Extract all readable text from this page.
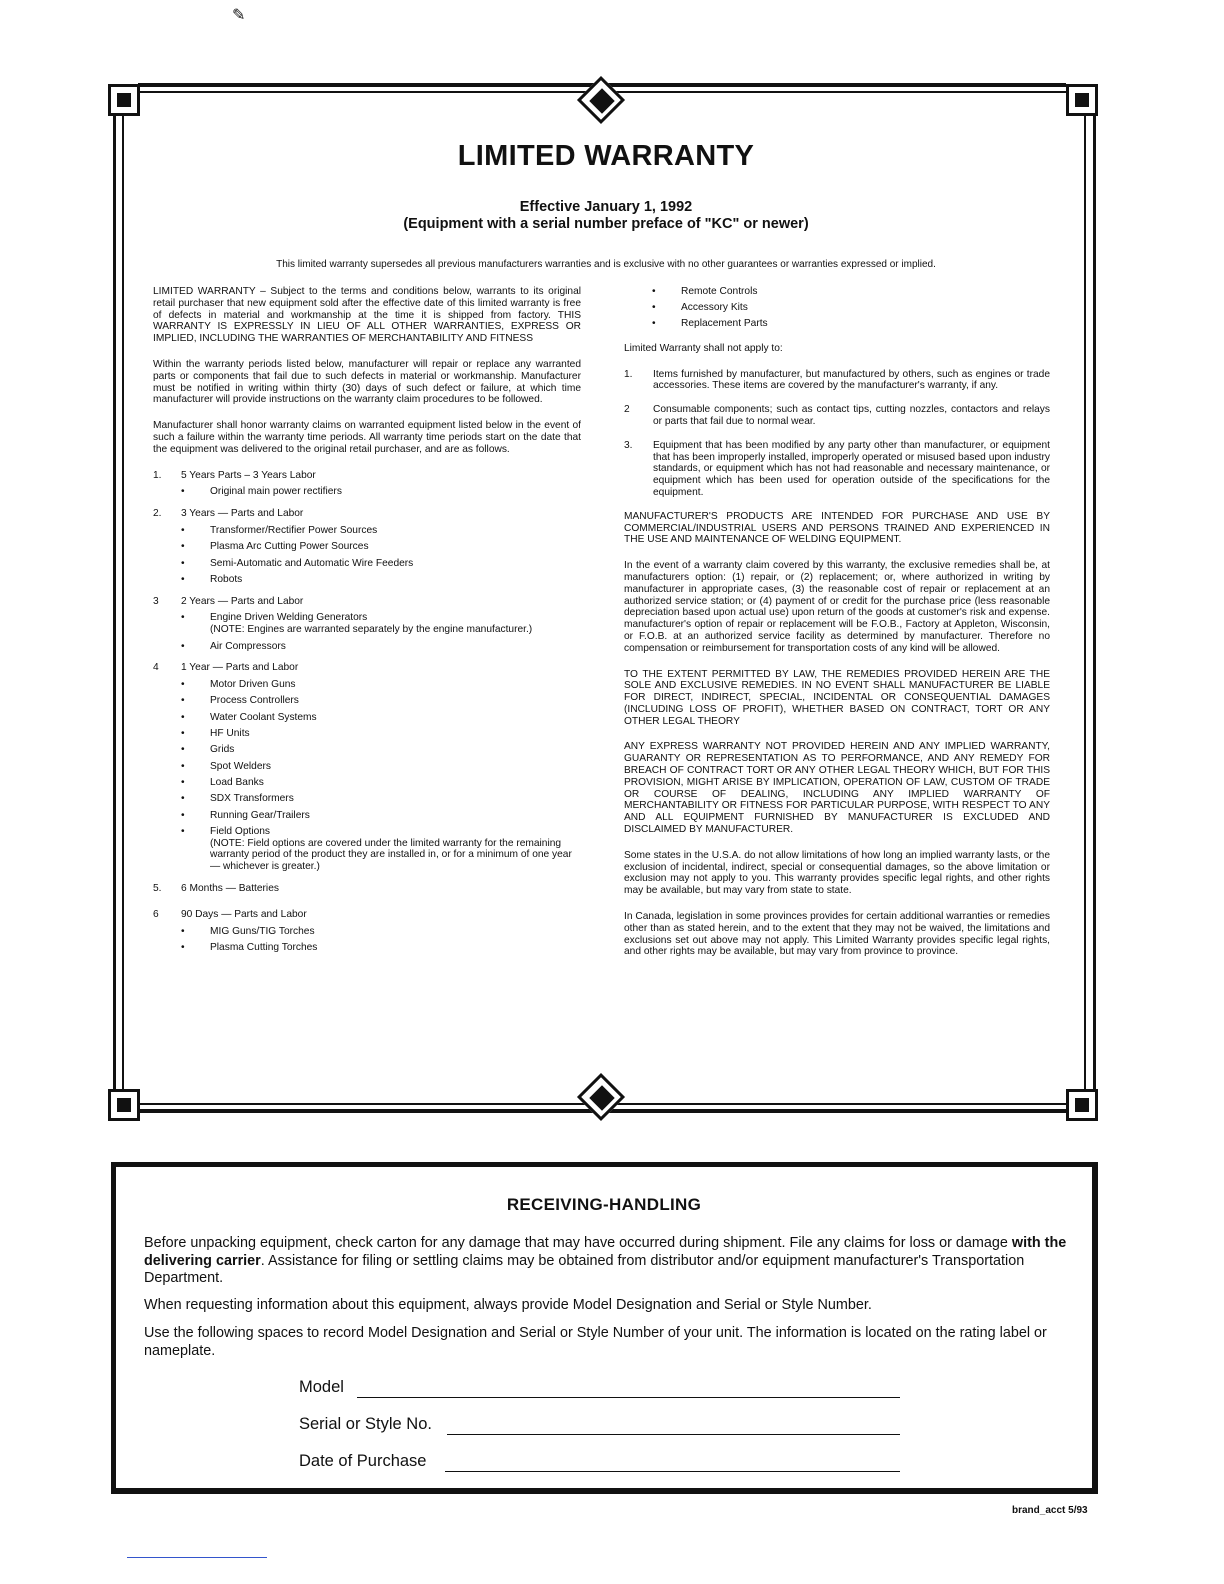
✎
LIMITED WARRANTY
Effective January 1, 1992
(Equipment with a serial number preface of "KC" or newer)
This limited warranty supersedes all previous manufacturers warranties and is exclusive with no other guarantees or warranties expressed or implied.

LIMITED WARRANTY – Subject to the terms and conditions below, warrants to its original retail purchaser that new equipment sold after the effective date of this limited warranty is free of defects in material and workmanship at the time it is shipped from factory. THIS WARRANTY IS EXPRESSLY IN LIEU OF ALL OTHER WARRANTIES, EXPRESS OR IMPLIED, INCLUDING THE WARRANTIES OF MERCHANTABILITY AND FITNESS

Within the warranty periods listed below, manufacturer will repair or replace any warranted parts or components that fail due to such defects in material or workmanship. Manufacturer must be notified in writing within thirty (30) days of such defect or failure, at which time manufacturer will provide instructions on the warranty claim procedures to be followed.

Manufacturer shall honor warranty claims on warranted equipment listed below in the event of such a failure within the warranty time periods. All warranty time periods start on the date that the equipment was delivered to the original retail purchaser, and are as follows.

1. 5 Years Parts – 3 Years Labor
• Original main power rectifiers
2. 3 Years — Parts and Labor
• Transformer/Rectifier Power Sources
• Plasma Arc Cutting Power Sources
• Semi-Automatic and Automatic Wire Feeders
• Robots
3 2 Years — Parts and Labor
• Engine Driven Welding Generators
(NOTE: Engines are warranted separately by the engine manufacturer.)
• Air Compressors
4 1 Year — Parts and Labor
• Motor Driven Guns
• Process Controllers
• Water Coolant Systems
• HF Units
• Grids
• Spot Welders
• Load Banks
• SDX Transformers
• Running Gear/Trailers
• Field Options
(NOTE: Field options are covered under the limited warranty for the remaining warranty period of the product they are installed in, or for a minimum of one year — whichever is greater.)
5. 6 Months — Batteries
6 90 Days — Parts and Labor
• MIG Guns/TIG Torches
• Plasma Cutting Torches
• Remote Controls
• Accessory Kits
• Replacement Parts

Limited Warranty shall not apply to:

1. Items furnished by manufacturer, but manufactured by others, such as engines or trade accessories. These items are covered by the manufacturer's warranty, if any.
2 Consumable components; such as contact tips, cutting nozzles, contactors and relays or parts that fail due to normal wear.
3. Equipment that has been modified by any party other than manufacturer, or equipment that has been improperly installed, improperly operated or misused based upon industry standards, or equipment which has not had reasonable and necessary maintenance, or equipment which has been used for operation outside of the specifications for the equipment.

MANUFACTURER'S PRODUCTS ARE INTENDED FOR PURCHASE AND USE BY COMMERCIAL/INDUSTRIAL USERS AND PERSONS TRAINED AND EXPERIENCED IN THE USE AND MAINTENANCE OF WELDING EQUIPMENT.

In the event of a warranty claim covered by this warranty, the exclusive remedies shall be, at manufacturers option: (1) repair, or (2) replacement; or, where authorized in writing by manufacturer in appropriate cases, (3) the reasonable cost of repair or replacement at an authorized service station; or (4) payment of or credit for the purchase price (less reasonable depreciation based upon actual use) upon return of the goods at customer's risk and expense. manufacturer's option of repair or replacement will be F.O.B., Factory at Appleton, Wisconsin, or F.O.B. at an authorized service facility as determined by manufacturer. Therefore no compensation or reimbursement for transportation costs of any kind will be allowed.

TO THE EXTENT PERMITTED BY LAW, THE REMEDIES PROVIDED HEREIN ARE THE SOLE AND EXCLUSIVE REMEDIES. IN NO EVENT SHALL MANUFACTURER BE LIABLE FOR DIRECT, INDIRECT, SPECIAL, INCIDENTAL OR CONSEQUENTIAL DAMAGES (INCLUDING LOSS OF PROFIT), WHETHER BASED ON CONTRACT, TORT OR ANY OTHER LEGAL THEORY

ANY EXPRESS WARRANTY NOT PROVIDED HEREIN AND ANY IMPLIED WARRANTY, GUARANTY OR REPRESENTATION AS TO PERFORMANCE, AND ANY REMEDY FOR BREACH OF CONTRACT TORT OR ANY OTHER LEGAL THEORY WHICH, BUT FOR THIS PROVISION, MIGHT ARISE BY IMPLICATION, OPERATION OF LAW, CUSTOM OF TRADE OR COURSE OF DEALING, INCLUDING ANY IMPLIED WARRANTY OF MERCHANTABILITY OR FITNESS FOR PARTICULAR PURPOSE, WITH RESPECT TO ANY AND ALL EQUIPMENT FURNISHED BY MANUFACTURER IS EXCLUDED AND DISCLAIMED BY MANUFACTURER.

Some states in the U.S.A. do not allow limitations of how long an implied warranty lasts, or the exclusion of incidental, indirect, special or consequential damages, so the above limitation or exclusion may not apply to you. This warranty provides specific legal rights, and other rights may be available, but may vary from state to state.

In Canada, legislation in some provinces provides for certain additional warranties or remedies other than as stated herein, and to the extent that they may not be waived, the limitations and exclusions set out above may not apply. This Limited Warranty provides specific legal rights, and other rights may be available, but may vary from province to province.

RECEIVING-HANDLING
Before unpacking equipment, check carton for any damage that may have occurred during shipment. File any claims for loss or damage with the delivering carrier. Assistance for filing or settling claims may be obtained from distributor and/or equipment manufacturer's Transportation Department.
When requesting information about this equipment, always provide Model Designation and Serial or Style Number.
Use the following spaces to record Model Designation and Serial or Style Number of your unit. The information is located on the rating label or nameplate.
Model
Serial or Style No.
Date of Purchase
brand_acct 5/93
